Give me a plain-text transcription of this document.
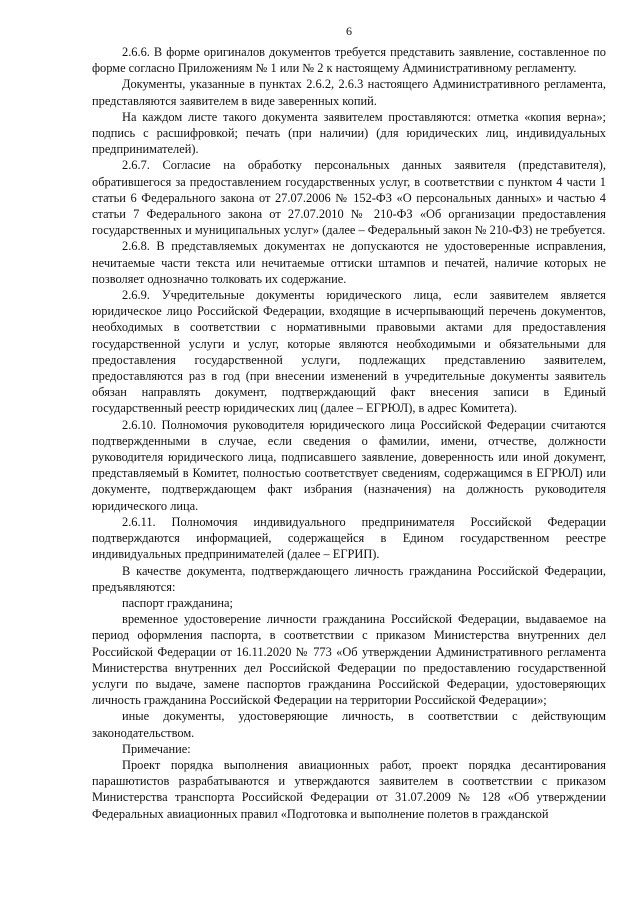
6

2.6.6. В форме оригиналов документов требуется представить заявление, составленное по форме согласно Приложениям № 1 или № 2 к настоящему Административному регламенту.

Документы, указанные в пунктах 2.6.2, 2.6.3 настоящего Административного регламента, представляются заявителем в виде заверенных копий.

На каждом листе такого документа заявителем проставляются: отметка «копия верна»; подпись с расшифровкой; печать (при наличии) (для юридических лиц, индивидуальных предпринимателей).

2.6.7. Согласие на обработку персональных данных заявителя (представителя), обратившегося за предоставлением государственных услуг, в соответствии с пунктом 4 части 1 статьи 6 Федерального закона от 27.07.2006 № 152-ФЗ «О персональных данных» и частью 4 статьи 7 Федерального закона от 27.07.2010 № 210-ФЗ «Об организации предоставления государственных и муниципальных услуг» (далее – Федеральный закон № 210-ФЗ) не требуется.

2.6.8. В представляемых документах не допускаются не удостоверенные исправления, нечитаемые части текста или нечитаемые оттиски штампов и печатей, наличие которых не позволяет однозначно толковать их содержание.

2.6.9. Учредительные документы юридического лица, если заявителем является юридическое лицо Российской Федерации, входящие в исчерпывающий перечень документов, необходимых в соответствии с нормативными правовыми актами для предоставления государственной услуги и услуг, которые являются необходимыми и обязательными для предоставления государственной услуги, подлежащих представлению заявителем, предоставляются раз в год (при внесении изменений в учредительные документы заявитель обязан направлять документ, подтверждающий факт внесения записи в Единый государственный реестр юридических лиц (далее – ЕГРЮЛ), в адрес Комитета).

2.6.10. Полномочия руководителя юридического лица Российской Федерации считаются подтвержденными в случае, если сведения о фамилии, имени, отчестве, должности руководителя юридического лица, подписавшего заявление, доверенность или иной документ, представляемый в Комитет, полностью соответствует сведениям, содержащимся в ЕГРЮЛ) или документе, подтверждающем факт избрания (назначения) на должность руководителя юридического лица.

2.6.11. Полномочия индивидуального предпринимателя Российской Федерации подтверждаются информацией, содержащейся в Едином государственном реестре индивидуальных предпринимателей (далее – ЕГРИП).

В качестве документа, подтверждающего личность гражданина Российской Федерации, предъявляются:

паспорт гражданина;

временное удостоверение личности гражданина Российской Федерации, выдаваемое на период оформления паспорта, в соответствии с приказом Министерства внутренних дел Российской Федерации от 16.11.2020 № 773 «Об утверждении Административного регламента Министерства внутренних дел Российской Федерации по предоставлению государственной услуги по выдаче, замене паспортов гражданина Российской Федерации, удостоверяющих личность гражданина Российской Федерации на территории Российской Федерации»;

иные документы, удостоверяющие личность, в соответствии с действующим законодательством.

Примечание:

Проект порядка выполнения авиационных работ, проект порядка десантирования парашютистов разрабатываются и утверждаются заявителем в соответствии с приказом Министерства транспорта Российской Федерации от 31.07.2009 № 128 «Об утверждении Федеральных авиационных правил «Подготовка и выполнение полетов в гражданской
